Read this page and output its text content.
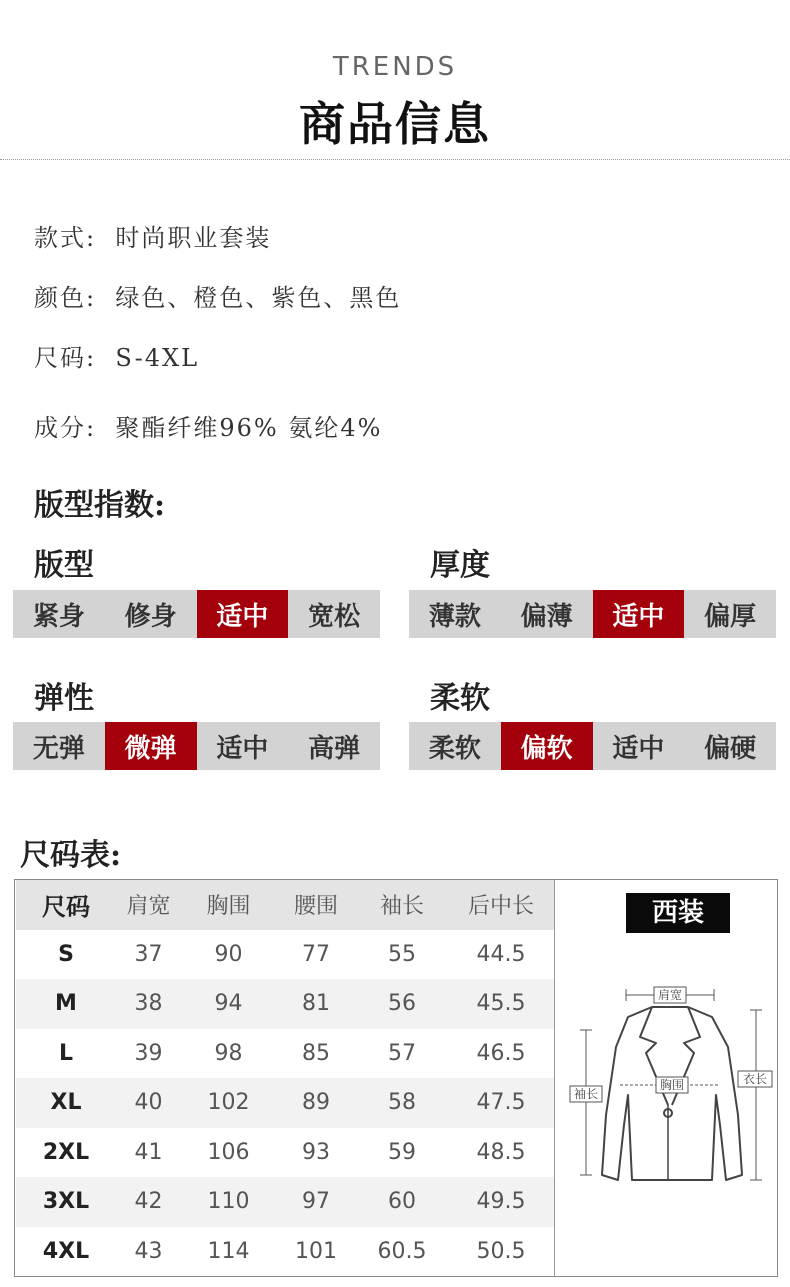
TRENDS
商品信息
款式: 时尚职业套装
颜色: 绿色、橙色、紫色、黑色
尺码: S-4XL
成分: 聚酯纤维96% 氨纶4%
版型指数:
版型
紧身	修身	适中	宽松
厚度
薄款	偏薄	适中	偏厚
弹性
无弹	微弹	适中	高弹
柔软
柔软	偏软	适中	偏硬
尺码表:
尺码	肩宽	胸围	腰围	袖长	后中长
S	37	90	77	55	44.5
M	38	94	81	56	45.5
L	39	98	85	57	46.5
XL	40	102	89	58	47.5
2XL	41	106	93	59	48.5
3XL	42	110	97	60	49.5
4XL	43	114	101	60.5	50.5
西装
肩宽
胸围
袖长
衣长
